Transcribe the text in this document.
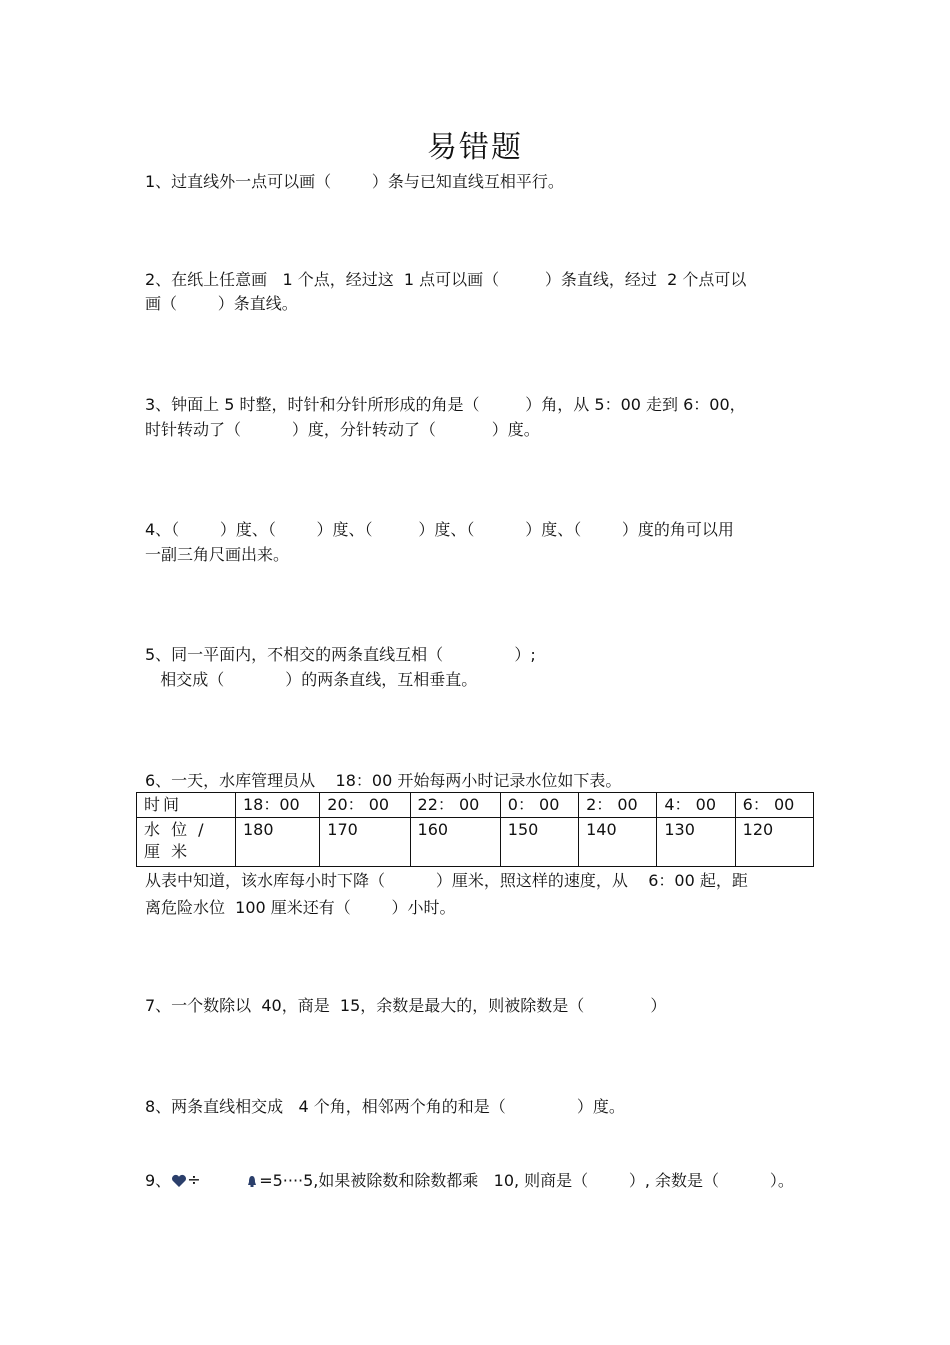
易错题
1、过直线外一点可以画（        ）条与已知直线互相平行。
2、在纸上任意画   1 个点，经过这  1 点可以画（         ）条直线，经过  2 个点可以
画（        ）条直线。
3、钟面上 5 时整，时针和分针所形成的角是（         ）角，从 5：00 走到 6：00，
时针转动了（          ）度，分针转动了（           ）度。
4、（        ）度、（        ）度、（         ）度、（          ）度、（        ）度的角可以用
一副三角尺画出来。
5、同一平面内，不相交的两条直线互相（              ）;
相交成（            ）的两条直线，互相垂直。
6、一天，水库管理员从    18：00 开始每两小时记录水位如下表。
时间	18：00	20： 00	22： 00	0： 00	2： 00	4： 00	6： 00
水 位 / 厘 米	180	170	160	150	140	130	120
从表中知道，该水库每小时下降（          ）厘米，照这样的速度，从    6：00 起，距
离危险水位  100 厘米还有（        ）小时。
7、一个数除以  40，商是  15，余数是最大的，则被除数是（             ）
8、两条直线相交成   4 个角，相邻两个角的和是（              ）度。
9、 ÷	=5····5,如果被除数和除数都乘   10, 则商是（        ）, 余数是（          ）。
